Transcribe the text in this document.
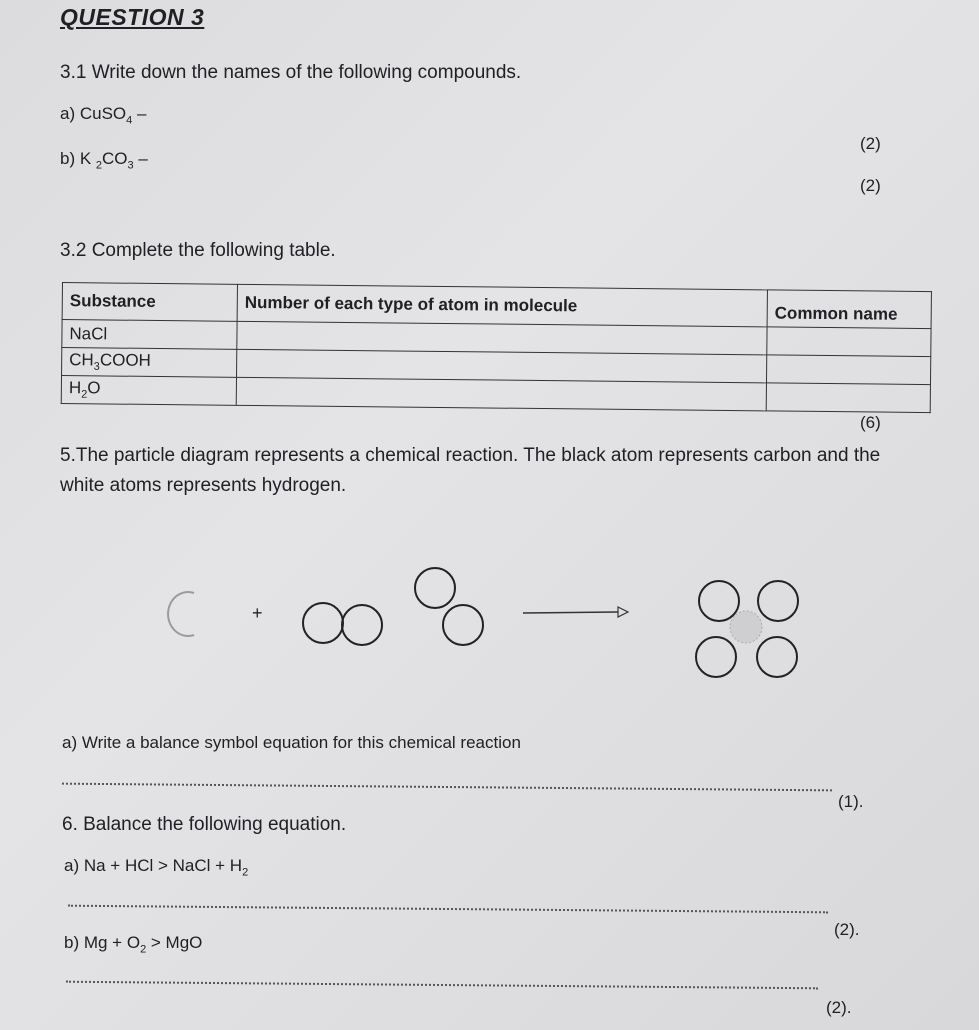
QUESTION 3
3.1 Write down the names of the following compounds.
a) CuSO$_4$ –
(2)
b) K $_2CO_3$ –
(2)
3.2 Complete the following table.
Substance	Number of each type of atom in molecule	Common name
NaCl		
$CH_3COOH$		
$H_2O$		
(6)
5.The particle diagram represents a chemical reaction. The black atom represents carbon and the white atoms represents hydrogen.
+
a) Write a balance symbol equation for this chemical reaction
(1).
6. Balance the following equation.
a) Na + HCl > NaCl + $H_2$
(2).
b) $Mg + O_2$ > MgO
(2).
